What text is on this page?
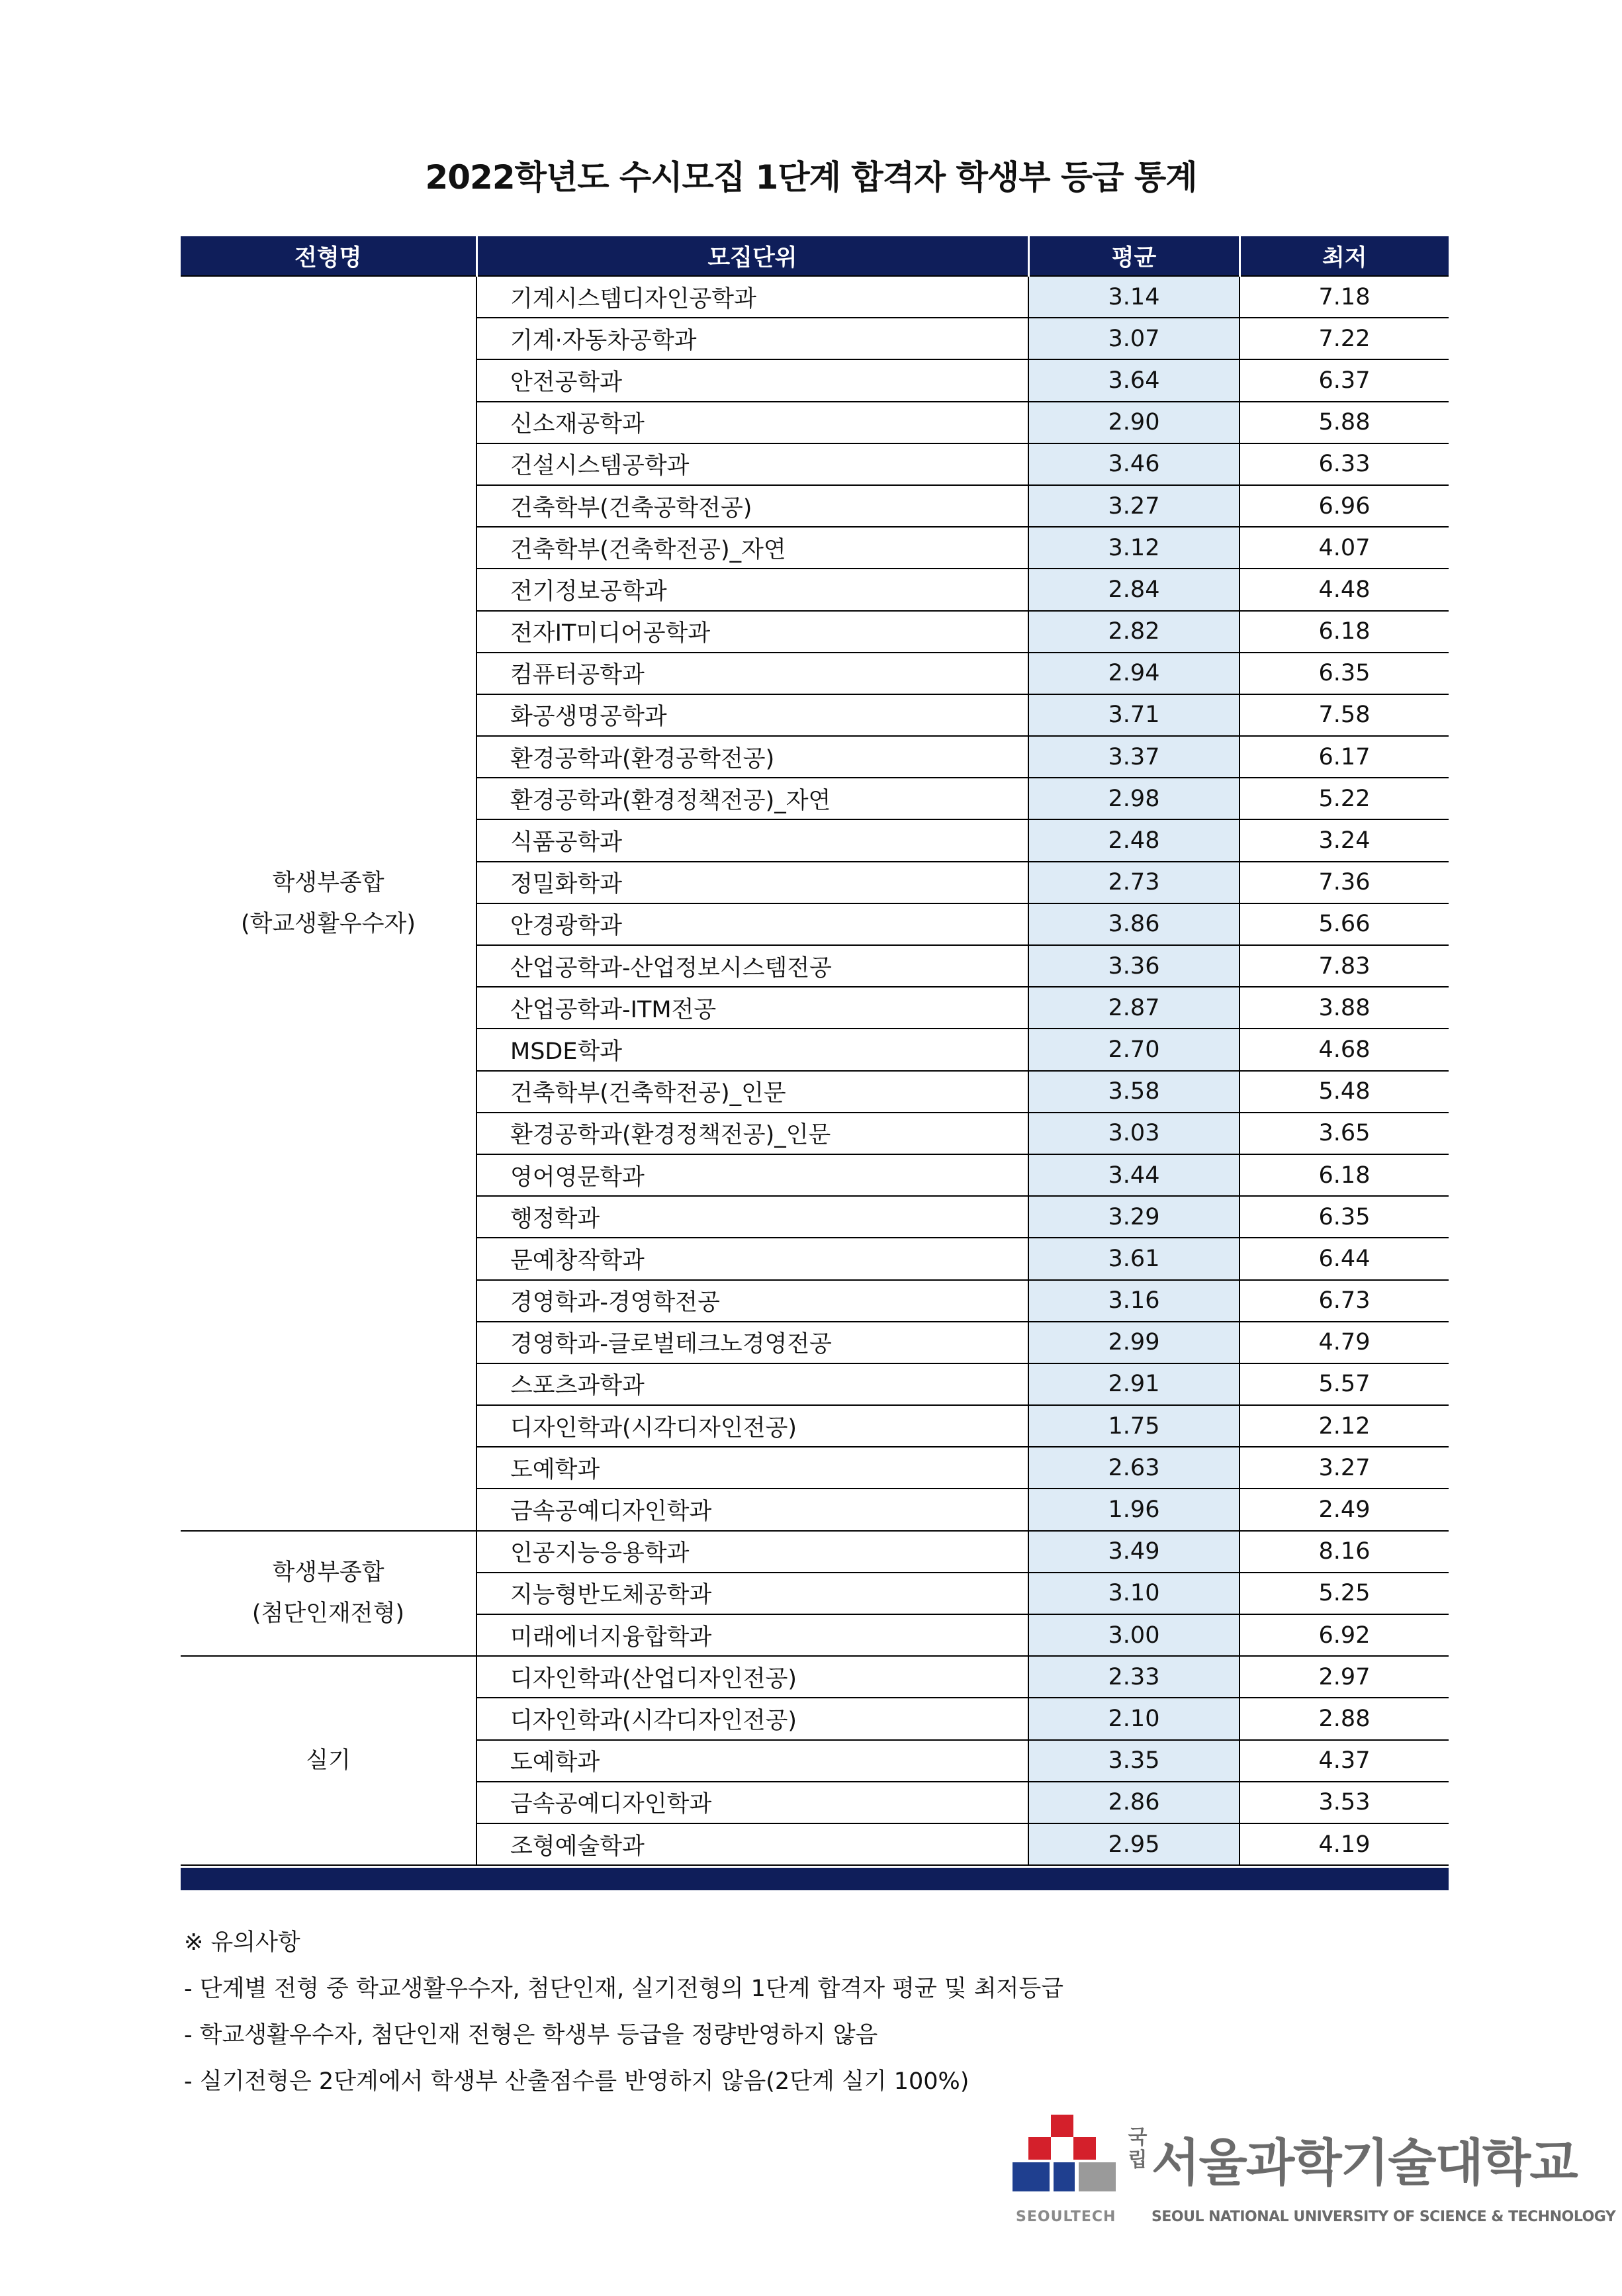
2022학년도 수시모집 1단계 합격자 학생부 등급 통계
전형명	모집단위	평균	최저

학생부종합
(학교생활우수자)	기계시스템디자인공학과	3.14	7.18
	기계·자동차공학과	3.07	7.22
	안전공학과	3.64	6.37
	신소재공학과	2.90	5.88
	건설시스템공학과	3.46	6.33
	건축학부(건축공학전공)	3.27	6.96
	건축학부(건축학전공)_자연	3.12	4.07
	전기정보공학과	2.84	4.48
	전자IT미디어공학과	2.82	6.18
	컴퓨터공학과	2.94	6.35
	화공생명공학과	3.71	7.58
	환경공학과(환경공학전공)	3.37	6.17
	환경공학과(환경정책전공)_자연	2.98	5.22
	식품공학과	2.48	3.24
	정밀화학과	2.73	7.36
	안경광학과	3.86	5.66
	산업공학과-산업정보시스템전공	3.36	7.83
	산업공학과-ITM전공	2.87	3.88
	MSDE학과	2.70	4.68
	건축학부(건축학전공)_인문	3.58	5.48
	환경공학과(환경정책전공)_인문	3.03	3.65
	영어영문학과	3.44	6.18
	행정학과	3.29	6.35
	문예창작학과	3.61	6.44
	경영학과-경영학전공	3.16	6.73
	경영학과-글로벌테크노경영전공	2.99	4.79
	스포츠과학과	2.91	5.57
	디자인학과(시각디자인전공)	1.75	2.12
	도예학과	2.63	3.27
	금속공예디자인학과	1.96	2.49

학생부종합
(첨단인재전형)	인공지능응용학과	3.49	8.16
	지능형반도체공학과	3.10	5.25
	미래에너지융합학과	3.00	6.92

실기	디자인학과(산업디자인전공)	2.33	2.97
	디자인학과(시각디자인전공)	2.10	2.88
	도예학과	3.35	4.37
	금속공예디자인학과	2.86	3.53
	조형예술학과	2.95	4.19
※ 유의사항
- 단계별 전형 중 학교생활우수자, 첨단인재, 실기전형의 1단계 합격자 평균 및 최저등급
- 학교생활우수자, 첨단인재 전형은 학생부 등급을 정량반영하지 않음
- 실기전형은 2단계에서 학생부 산출점수를 반영하지 않음(2단계 실기 100%)
SEOULTECH
국
립 서울과학기술대학교
SEOUL NATIONAL UNIVERSITY OF SCIENCE & TECHNOLOGY
